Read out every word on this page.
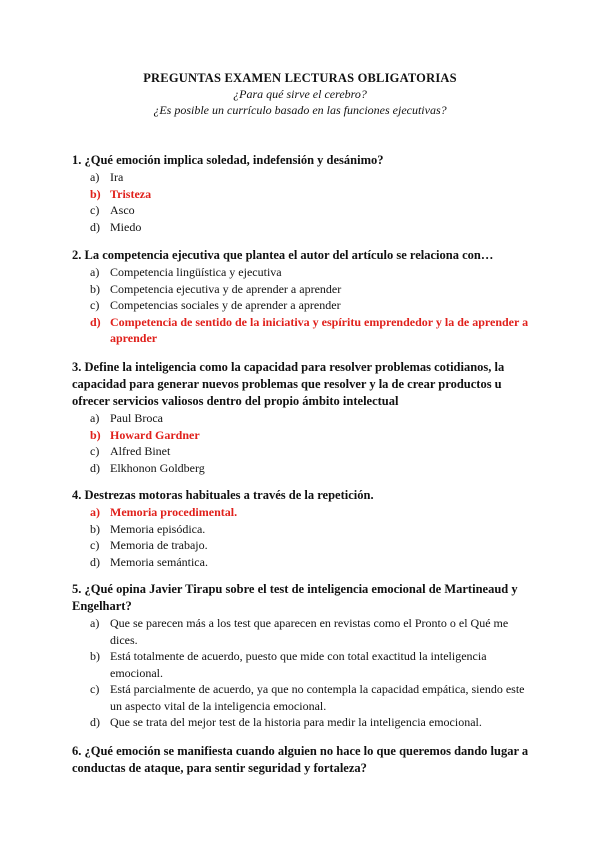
PREGUNTAS EXAMEN LECTURAS OBLIGATORIAS
¿Para qué sirve el cerebro?
¿Es posible un currículo basado en las funciones ejecutivas?
1. ¿Qué emoción implica soledad, indefensión y desánimo?
a) Ira
b) Tristeza
c) Asco
d) Miedo
2. La competencia ejecutiva que plantea el autor del artículo se relaciona con…
a) Competencia lingüística y ejecutiva
b) Competencia ejecutiva y de aprender a aprender
c) Competencias sociales y de aprender a aprender
d) Competencia de sentido de la iniciativa y espíritu emprendedor y la de aprender a aprender
3. Define la inteligencia como la capacidad para resolver problemas cotidianos, la capacidad para generar nuevos problemas que resolver y la de crear productos u ofrecer servicios valiosos dentro del propio ámbito intelectual
a) Paul Broca
b) Howard Gardner
c) Alfred Binet
d) Elkhonon Goldberg
4. Destrezas motoras habituales a través de la repetición.
a) Memoria procedimental.
b) Memoria episódica.
c) Memoria de trabajo.
d) Memoria semántica.
5. ¿Qué opina Javier Tirapu sobre el test de inteligencia emocional de Martineaud y Engelhart?
a) Que se parecen más a los test que aparecen en revistas como el Pronto o el Qué me dices.
b) Está totalmente de acuerdo, puesto que mide con total exactitud la inteligencia emocional.
c) Está parcialmente de acuerdo, ya que no contempla la capacidad empática, siendo este un aspecto vital de la inteligencia emocional.
d) Que se trata del mejor test de la historia para medir la inteligencia emocional.
6. ¿Qué emoción se manifiesta cuando alguien no hace lo que queremos dando lugar a conductas de ataque, para sentir seguridad y fortaleza?
